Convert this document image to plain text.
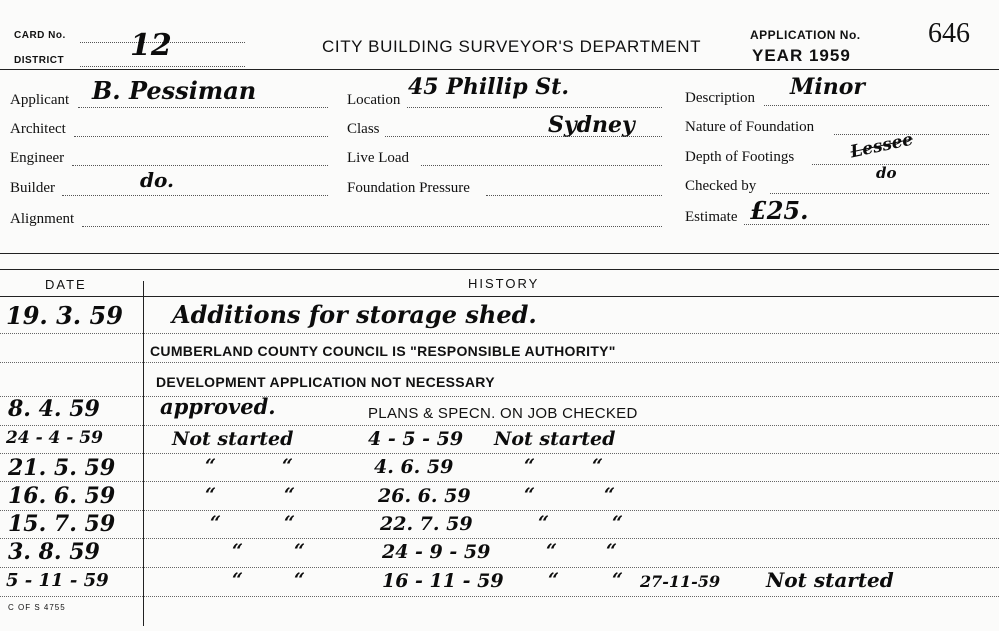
CARD No.
DISTRICT 12	CITY BUILDING SURVEYOR'S DEPARTMENT
APPLICATION No. 646
YEAR 1959
Applicant B. Pessiman
Architect
Engineer
Builder	do.
Alignment
Location 45 Phillip St.
Class	Sydney
Live Load
Foundation Pressure
Description Minor
Nature of Foundation
Depth of Footings	Lessee
Checked by
do
Estimate £25.
DATE	HISTORY
19. 3. 59 Additions for storage shed.
CUMBERLAND COUNTY COUNCIL IS "RESPONSIBLE AUTHORITY"
DEVELOPMENT APPLICATION NOT NECESSARY
8. 4. 59	approved.	PLANS & SPECN. ON JOB CHECKED
24 - 4 - 59	Not started	4 - 5 - 59 Not started
21. 5. 59	“	“	4. 6. 59	“	“
16. 6. 59	“	“	26. 6. 59	“	“
15. 7. 59	“	“	22. 7. 59	“	“
3. 8. 59	“	“	24 - 9 - 59	“	“
5 - 11 - 59	“	“	16 - 11 - 59 “	“ 27-11-59 Not started
C OF S 4755
